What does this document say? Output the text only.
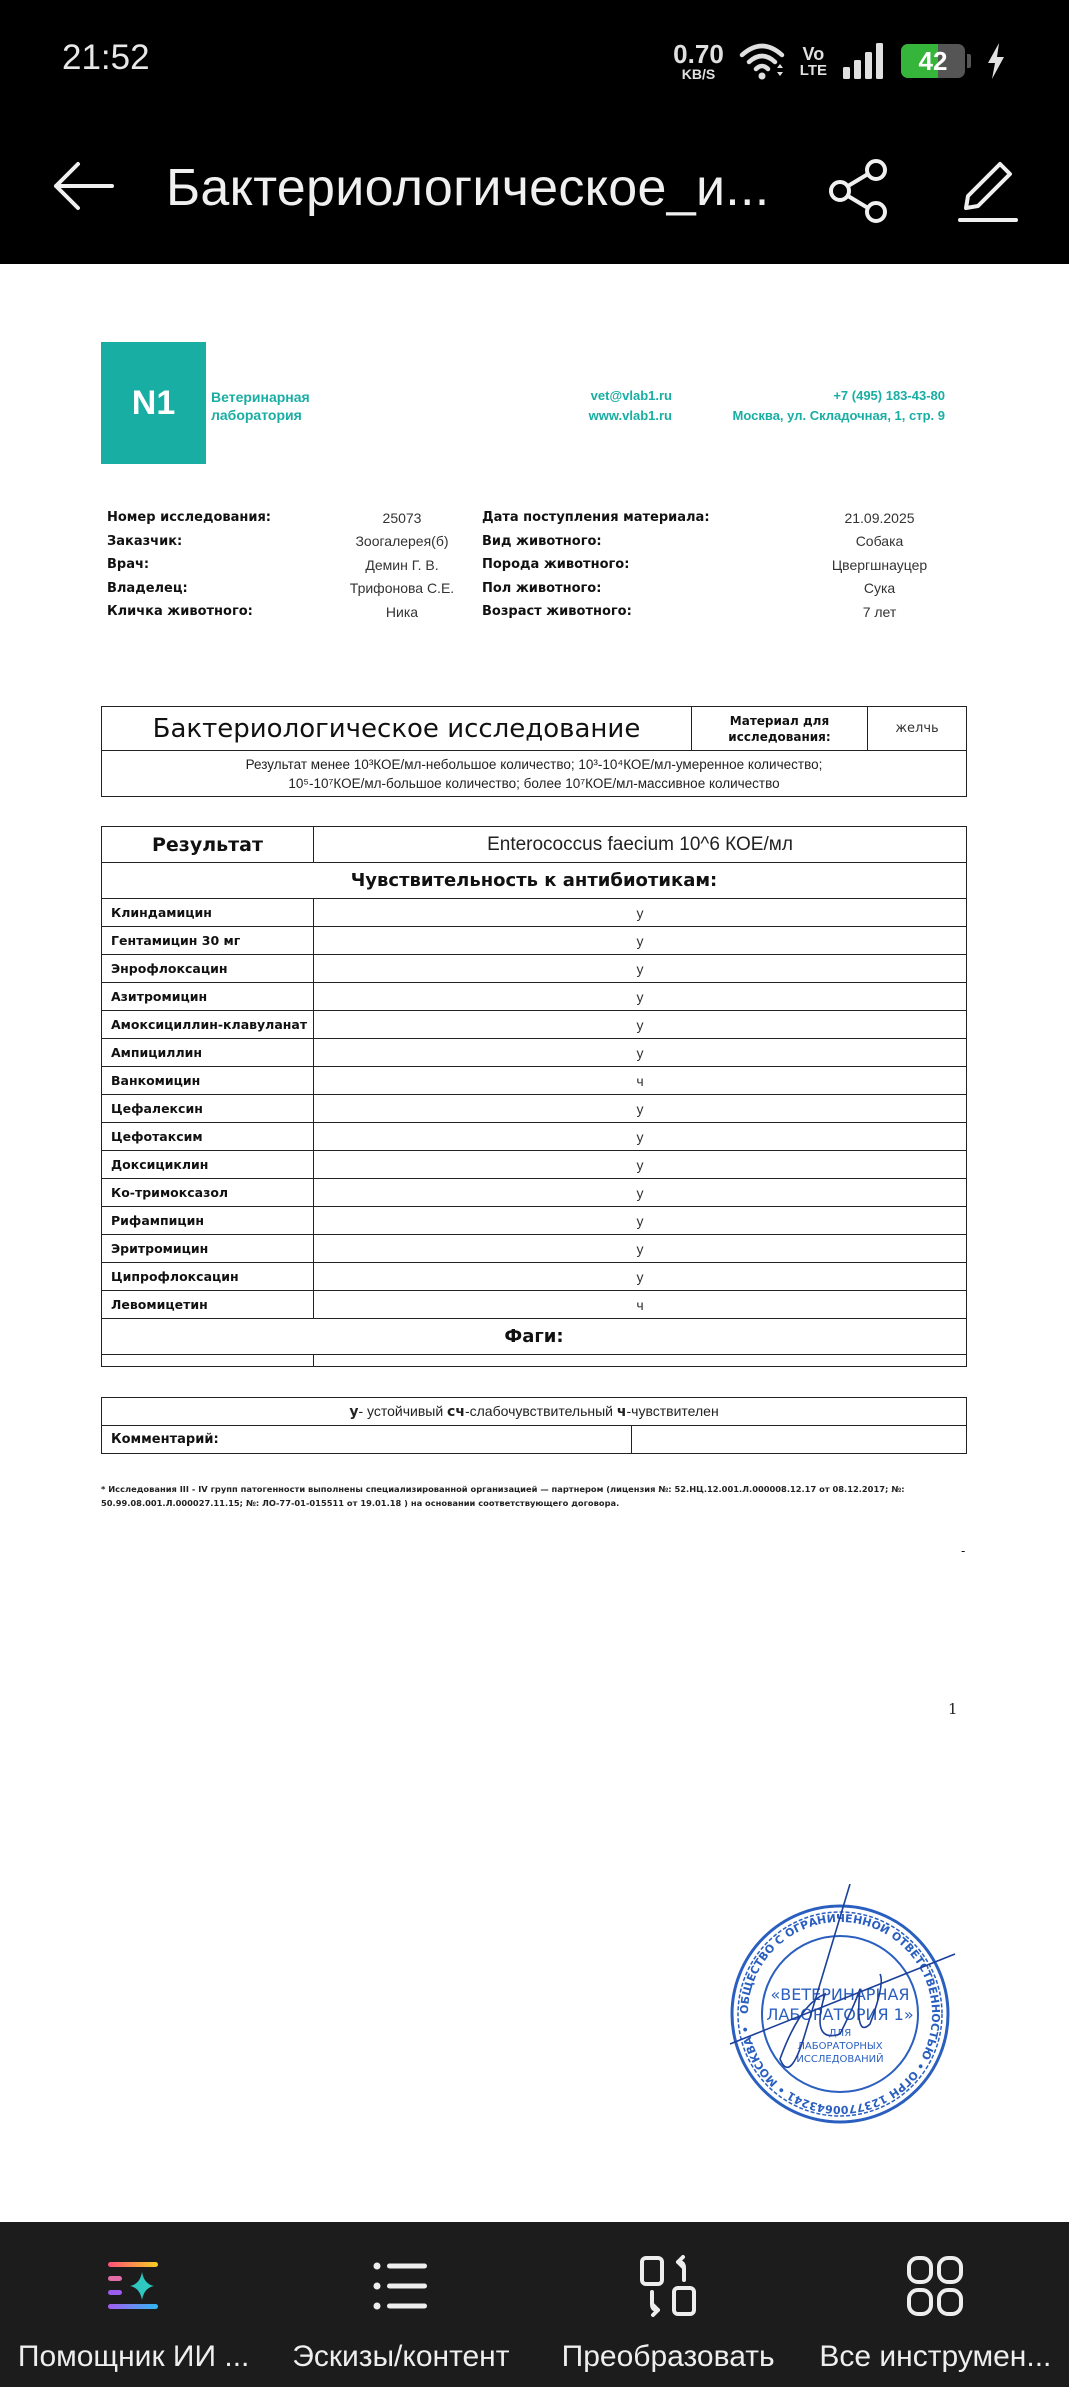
21:52	0.70
KB/S
Vo
LTE	42
Бактериологическое_и...
N1	Ветеринарная
лаборатория
vet@vlab1.ru
www.vlab1.ru
+7 (495) 183-43-80
Москва, ул. Складочная, 1, стр. 9
Номер исследования:	25073	Дата поступления материала:	21.09.2025
Заказчик:	Зоогалерея(б)	Вид животного:	Собака
Врач:	Демин Г. В.	Порода животного:	Цвергшнауцер
Владелец:	Трифонова С.Е.	Пол животного:	Сука
Кличка животного:	Ника	Возраст животного:	7 лет
Бактериологическое исследование	Материал для исследования:	желчь

Результат менее 10³КОЕ/мл-небольшое количество; 10³-10⁴КОЕ/мл-умеренное количество;
10⁵-10⁷КОЕ/мл-большое количество; более 10⁷КОЕ/мл-массивное количество
Результат	Enterococcus faecium 10^6 КОЕ/мл
Чувствительность к антибиотикам:	
Клиндамицин	у
Гентамицин 30 мг	у
Энрофлоксацин	у
Азитромицин	у
Амоксициллин-клавуланат	у
Ампициллин	у
Ванкомицин	ч
Цефалексин	у
Цефотаксим	у
Доксициклин	у
Ко-тримоксазол	у
Рифампицин	у
Эритромицин	у
Ципрофлоксацин	у
Левомицетин	ч
Фаги:	

у- устойчивый сч-слабочувствительный ч-чувствителен
Комментарий:	
* Исследования III - IV групп патогенности выполнены специализированной организацией — партнером (лицензия №: 52.НЦ.12.001.Л.000008.12.17 от 08.12.2017; №: 50.99.08.001.Л.000027.11.15; №: ЛО-77-01-015511 от 19.01.18 ) на основании соответствующего договора.
-
1
ОБЩЕСТВО С ОГРАНИЧЕННОЙ ОТВЕТСТВЕННОСТЬЮ • ОГРН 1237700643241 • МОСКВА •
«ВЕТЕРИНАРНАЯ
ЛАБОРАТОРИЯ 1»
ДЛЯ
ЛАБОРАТОРНЫХ
ИССЛЕДОВАНИЙ
Помощник ИИ ... Эскизы/контент Преобразовать Все инструмен...
